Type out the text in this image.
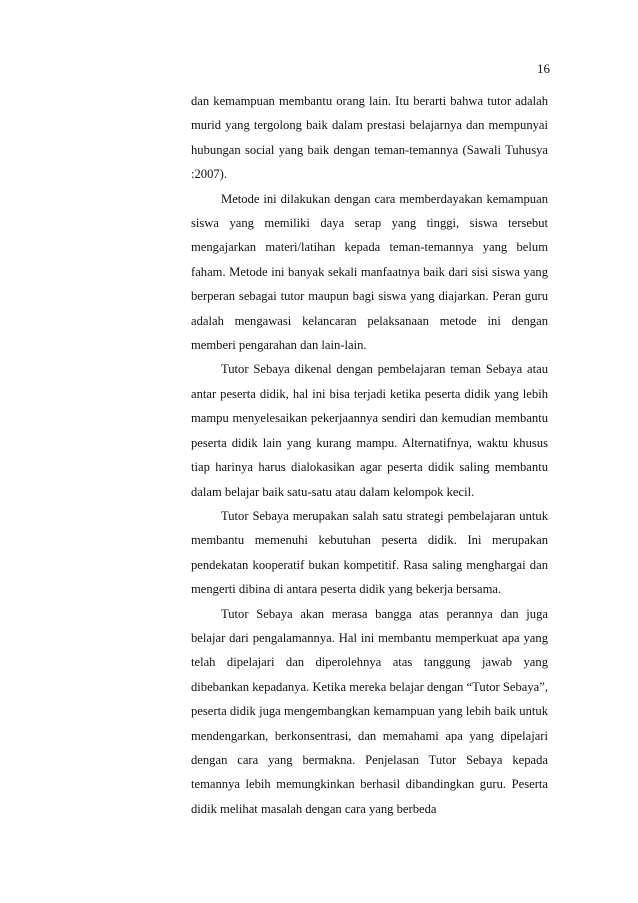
16

dan kemampuan membantu orang lain. Itu berarti bahwa tutor adalah murid yang tergolong baik dalam prestasi belajarnya dan mempunyai hubungan social yang baik dengan teman-temannya (Sawali Tuhusya :2007).

Metode ini dilakukan dengan cara memberdayakan kemampuan siswa yang memiliki daya serap yang tinggi, siswa tersebut mengajarkan materi/latihan kepada teman-temannya yang belum faham. Metode ini banyak sekali manfaatnya baik dari sisi siswa yang berperan sebagai tutor maupun bagi siswa yang diajarkan. Peran guru adalah mengawasi kelancaran pelaksanaan metode ini dengan memberi pengarahan dan lain-lain.

Tutor Sebaya dikenal dengan pembelajaran teman Sebaya atau antar peserta didik, hal ini bisa terjadi ketika peserta didik yang lebih mampu menyelesaikan pekerjaannya sendiri dan kemudian membantu peserta didik lain yang kurang mampu. Alternatifnya, waktu khusus tiap harinya harus dialokasikan agar peserta didik saling membantu dalam belajar baik satu-satu atau dalam kelompok kecil.

Tutor Sebaya merupakan salah satu strategi pembelajaran untuk membantu memenuhi kebutuhan peserta didik. Ini merupakan pendekatan kooperatif bukan kompetitif. Rasa saling menghargai dan mengerti dibina di antara peserta didik yang bekerja bersama.

Tutor Sebaya akan merasa bangga atas perannya dan juga belajar dari pengalamannya. Hal ini membantu memperkuat apa yang telah dipelajari dan diperolehnya atas tanggung jawab yang dibebankan kepadanya. Ketika mereka belajar dengan “Tutor Sebaya”, peserta didik juga mengembangkan kemampuan yang lebih baik untuk mendengarkan, berkonsentrasi, dan memahami apa yang dipelajari dengan cara yang bermakna. Penjelasan Tutor Sebaya kepada temannya lebih memungkinkan berhasil dibandingkan guru. Peserta didik melihat masalah dengan cara yang berbeda
